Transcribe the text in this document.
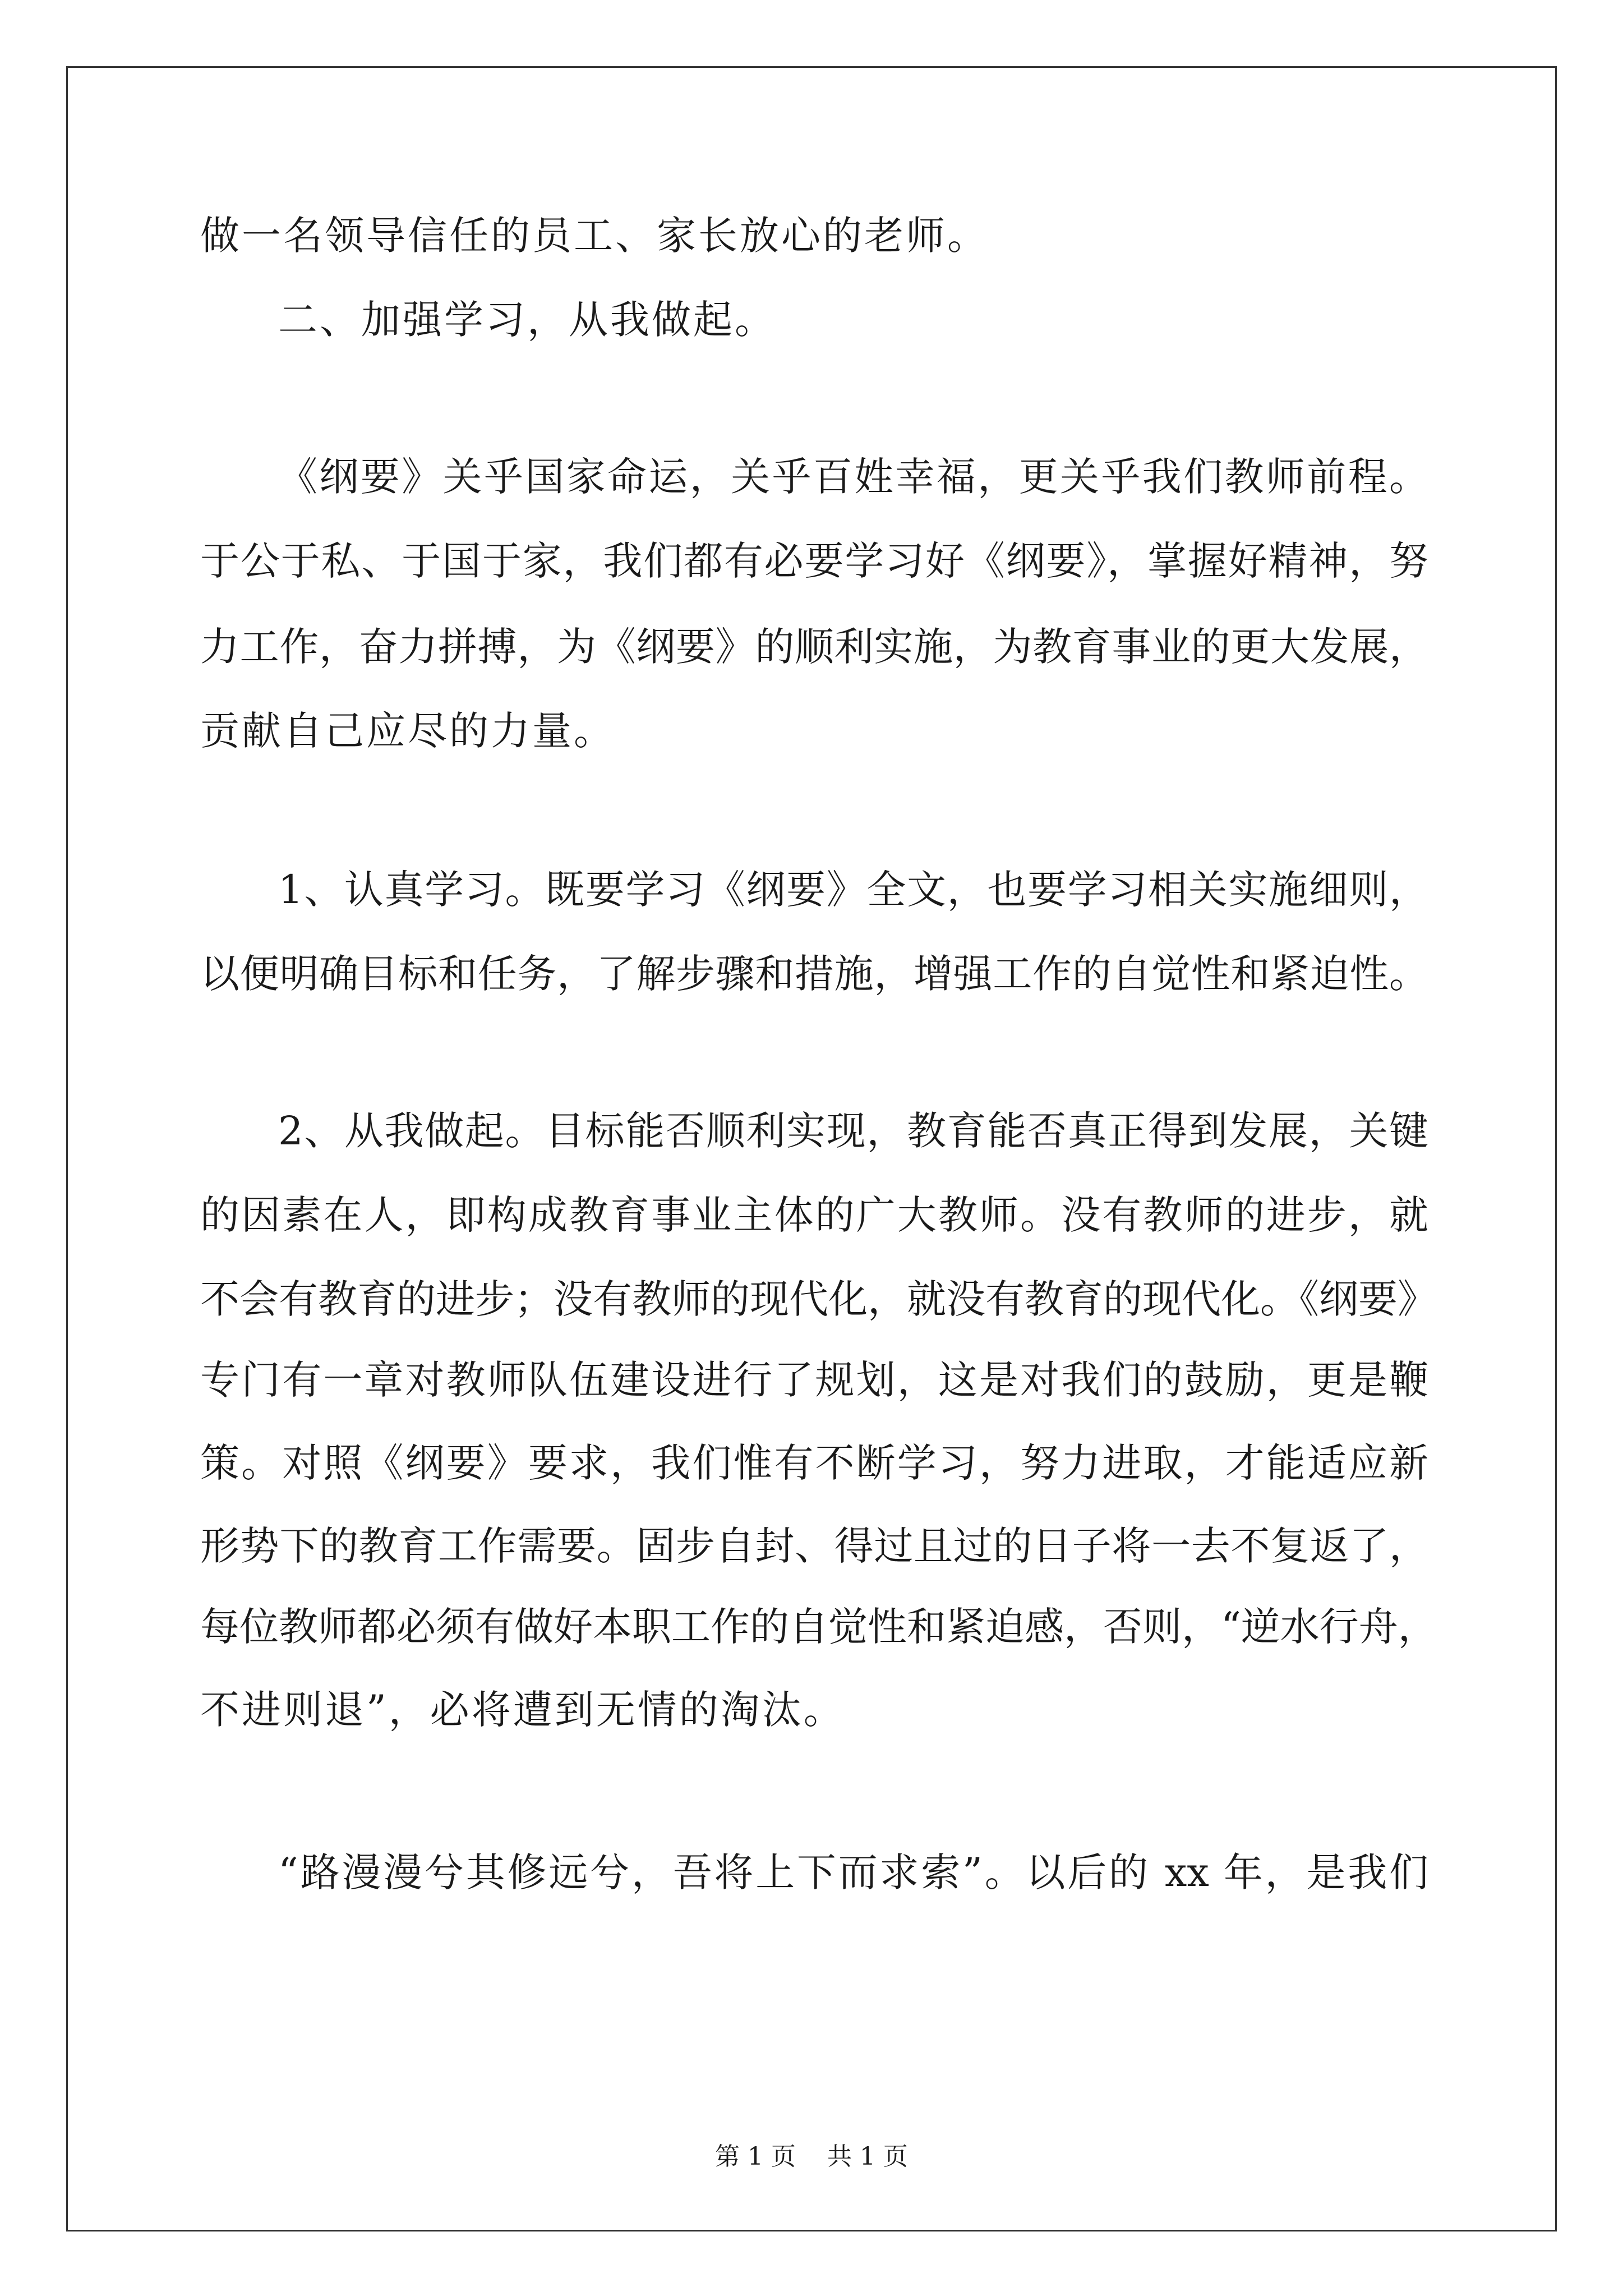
做一名领导信任的员工、家长放心的老师。
二、加强学习，从我做起。
《纲要》关乎国家命运，关乎百姓幸福，更关乎我们教师前程。
于公于私、于国于家，我们都有必要学习好《纲要》，掌握好精神，努
力工作，奋力拼搏，为《纲要》的顺利实施，为教育事业的更大发展，
贡献自己应尽的力量。
1、认真学习。既要学习《纲要》全文，也要学习相关实施细则，
以便明确目标和任务，了解步骤和措施，增强工作的自觉性和紧迫性。
2、从我做起。目标能否顺利实现，教育能否真正得到发展，关键
的因素在人，即构成教育事业主体的广大教师。没有教师的进步，就
不会有教育的进步；没有教师的现代化，就没有教育的现代化。《纲要》
专门有一章对教师队伍建设进行了规划，这是对我们的鼓励，更是鞭
策。对照《纲要》要求，我们惟有不断学习，努力进取，才能适应新
形势下的教育工作需要。固步自封、得过且过的日子将一去不复返了，
每位教师都必须有做好本职工作的自觉性和紧迫感，否则，“逆水行舟，
不进则退”，必将遭到无情的淘汰。
“路漫漫兮其修远兮，吾将上下而求索”。以后的 xx 年，是我们
第 1 页    共 1 页
